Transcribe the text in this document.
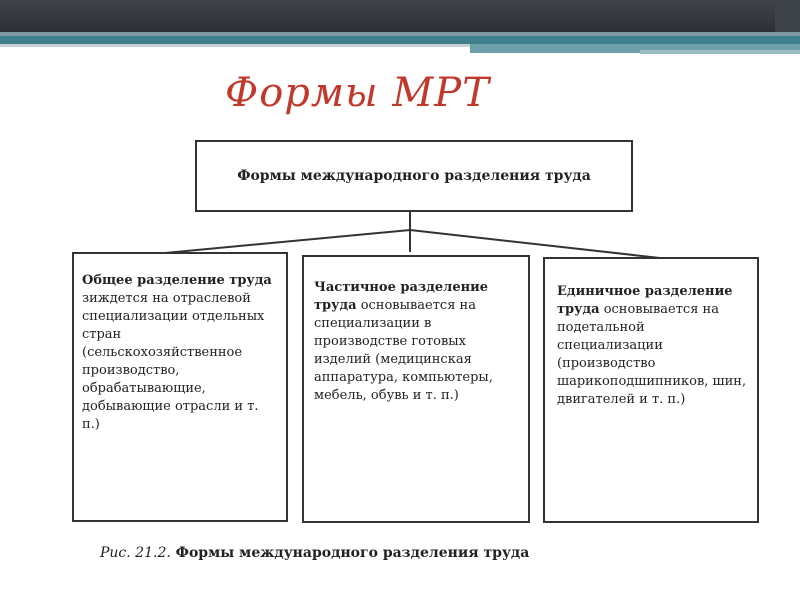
Формы МРТ
Формы международного разделения труда
Общее разделение труда зиждется на отраслевой специализации отдельных стран (сельскохозяйственное производство, обрабатывающие, добывающие отрасли и т. п.)
Частичное разделение труда основывается на специализации в производстве готовых изделий (медицинская аппаратура, компьютеры, мебель, обувь и т. п.)
Единичное разделение труда основывается на подетальной специализации (производство шарикоподшипников, шин, двигателей и т. п.)
Рис. 21.2. Формы международного разделения труда
